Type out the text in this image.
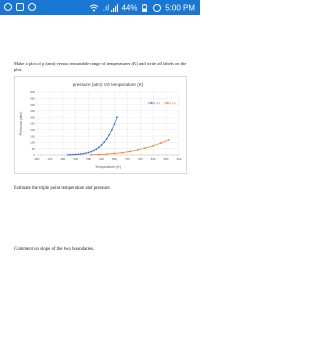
.ıl 44%	5:00 PM
Make a plot of p (atm) versus reasonable range of temperatures (K) and write all labels on the plot.
pressure (atm) VS temperature (K)
0
50
100
150
200
250
300
350
400
450
500
380	430	480	530	580	630	680	730	780	830	880	930
Temperature (K)
Pressure (atm)
s-l	l-v
Estimate the triple point temperature and pressure.
Comment on slope of the two boundaries.
